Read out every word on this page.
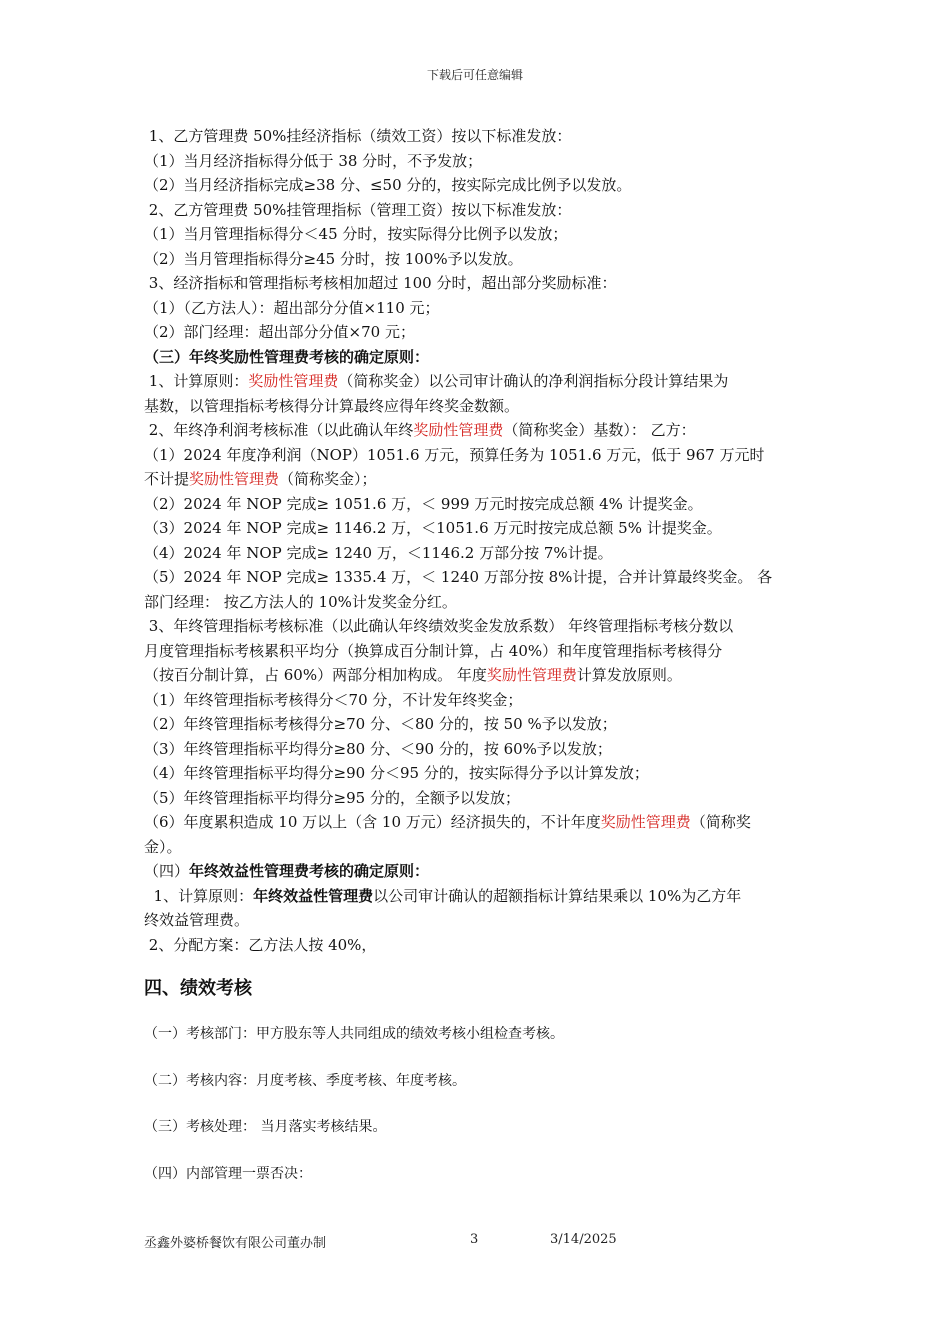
下载后可任意编辑

1、乙方管理费 50%挂经济指标（绩效工资）按以下标准发放：

（1）当月经济指标得分低于 38 分时，不予发放；

（2）当月经济指标完成≥38 分、≤50 分的，按实际完成比例予以发放。

2、乙方管理费 50%挂管理指标（管理工资）按以下标准发放：

（1）当月管理指标得分＜45 分时，按实际得分比例予以发放；

（2）当月管理指标得分≥45 分时，按 100%予以发放。

3、经济指标和管理指标考核相加超过 100 分时，超出部分奖励标准：

（1）（乙方法人）：超出部分分值×110 元；

（2）部门经理：超出部分分值×70 元；

（三）年终奖励性管理费考核的确定原则：

1、计算原则：奖励性管理费（简称奖金）以公司审计确认的净利润指标分段计算结果为

基数，以管理指标考核得分计算最终应得年终奖金数额。

2、年终净利润考核标准（以此确认年终奖励性管理费（简称奖金）基数）： 乙方：

（1）2024 年度净利润（NOP）1051.6 万元，预算任务为 1051.6 万元，低于 967 万元时

不计提奖励性管理费（简称奖金）；

（2）2024 年 NOP 完成≥ 1051.6 万，＜ 999 万元时按完成总额 4% 计提奖金。

（3）2024 年 NOP 完成≥ 1146.2 万，＜1051.6 万元时按完成总额 5% 计提奖金。

（4）2024 年 NOP 完成≥ 1240 万，＜1146.2 万部分按 7%计提。

（5）2024 年 NOP 完成≥ 1335.4 万，＜ 1240 万部分按 8%计提，合并计算最终奖金。 各

部门经理： 按乙方法人的 10%计发奖金分红。

3、年终管理指标考核标准（以此确认年终绩效奖金发放系数） 年终管理指标考核分数以

月度管理指标考核累积平均分（换算成百分制计算，占 40%）和年度管理指标考核得分

（按百分制计算，占 60%）两部分相加构成。 年度奖励性管理费计算发放原则。

（1）年终管理指标考核得分＜70 分，不计发年终奖金；

（2）年终管理指标考核得分≥70 分、＜80 分的，按 50 %予以发放；

（3）年终管理指标平均得分≥80 分、＜90 分的，按 60%予以发放；

（4）年终管理指标平均得分≥90 分＜95 分的，按实际得分予以计算发放；

（5）年终管理指标平均得分≥95 分的，全额予以发放；

（6）年度累积造成 10 万以上（含 10 万元）经济损失的，不计年度奖励性管理费（简称奖

金）。

（四）年终效益性管理费考核的确定原则：

1、计算原则：年终效益性管理费以公司审计确认的超额指标计算结果乘以 10%为乙方年

终效益管理费。

2、分配方案：乙方法人按 40%，

四、绩效考核

（一）考核部门：甲方股东等人共同组成的绩效考核小组检查考核。

（二）考核内容：月度考核、季度考核、年度考核。

（三）考核处理： 当月落实考核结果。

（四）内部管理一票否决：

丞鑫外婆桥餐饮有限公司董办制	3	3/14/2025
